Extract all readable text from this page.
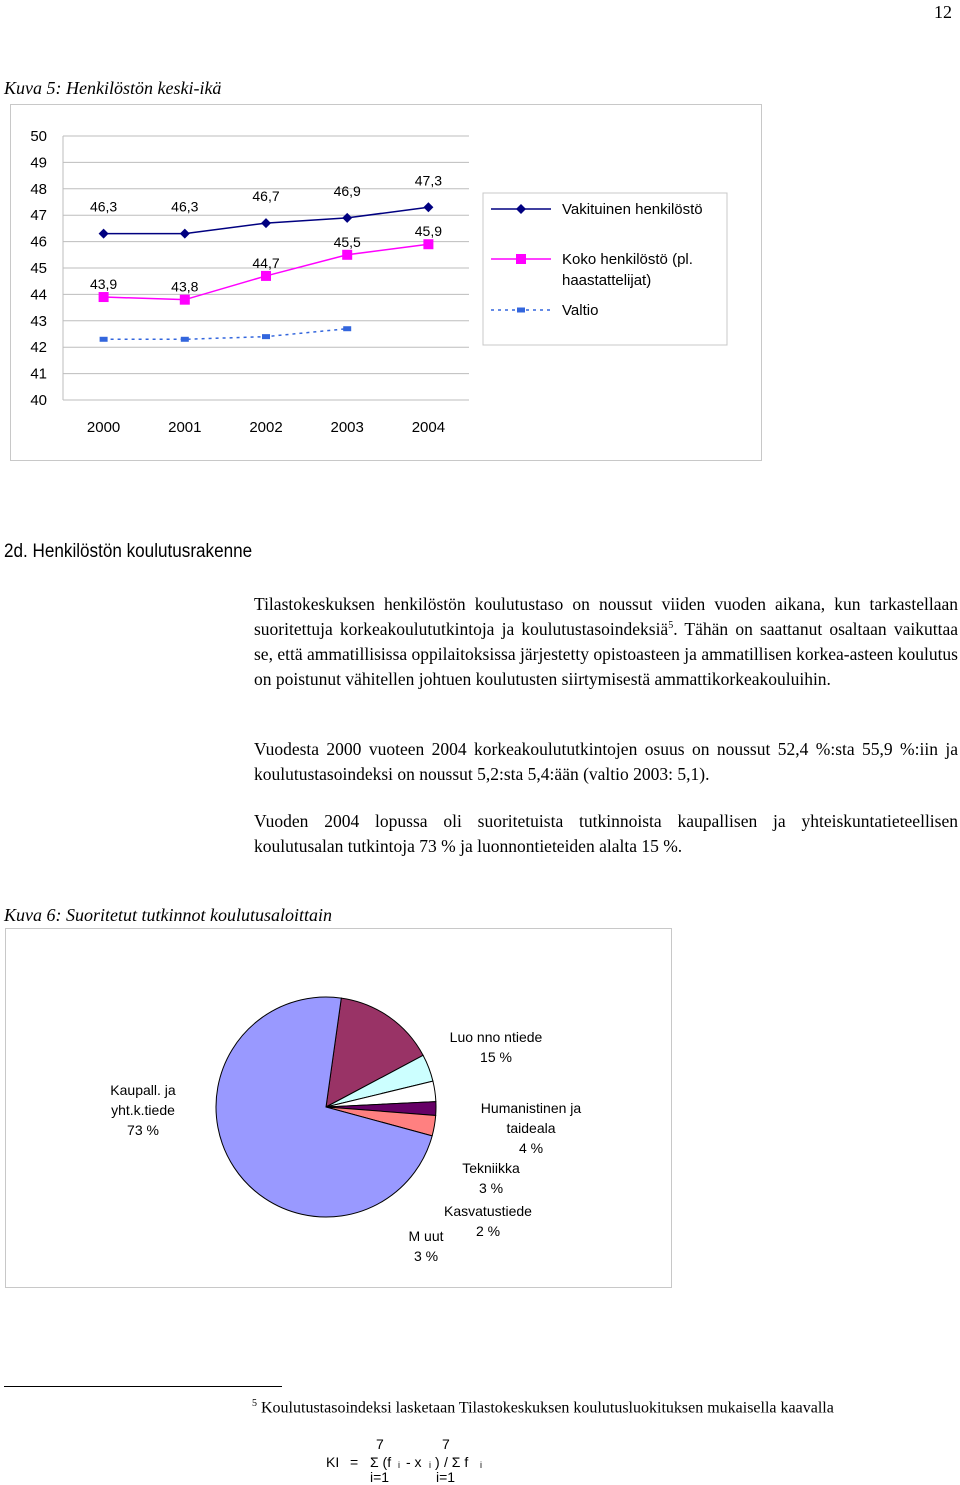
12
Kuva 5: Henkilöstön keski-ikä
50
49
48
47
46
45
44
43
42
41
40
2000	2001	2002	2003	2004
46,3	46,3
46,7	46,9
47,3
43,9	43,8
44,7
45,5
45,9
Vakituinen henkilöstö
Koko henkilöstö (pl.
haastattelijat)
Valtio
2d. Henkilöstön koulutusrakenne
Tilastokeskuksen henkilöstön koulutustaso on noussut viiden vuoden aikana, kun tarkastellaan suoritettuja korkeakoulututkintoja ja koulutustasoindeksiä$^5$. Tähän on saattanut osaltaan vaikuttaa se, että ammatillisissa oppilaitoksissa järjestetty opistoasteen ja ammatillisen korkea-asteen koulutus on poistunut vähitellen johtuen koulutusten siirtymisestä ammattikorkeakouluihin.
Vuodesta 2000 vuoteen 2004 korkeakoulututkintojen osuus on noussut 52,4 %:sta 55,9 %:iin ja koulutustasoindeksi on noussut 5,2:sta 5,4:ään (valtio 2003: 5,1).
Vuoden 2004 lopussa oli suoritetuista tutkinnoista kaupallisen ja yhteiskuntatieteellisen koulutusalan tutkintoja 73 % ja luonnontieteiden alalta 15 %.
Kuva 6: Suoritetut tutkinnot koulutusaloittain
Kaupall. ja
yht.k.tiede
73 %
Luo nno ntiede
15 %
Humanistinen ja
taideala
4 %
Tekniikka
3 %
Kasvatustiede
2 %
M uut
3 %
$^5$ Koulutustasoindeksi lasketaan Tilastokeskuksen koulutusluokituksen mukaisella kaavalla
7	7
KI = Σ (f i - x i ) / Σ f i
i=1	i=1
